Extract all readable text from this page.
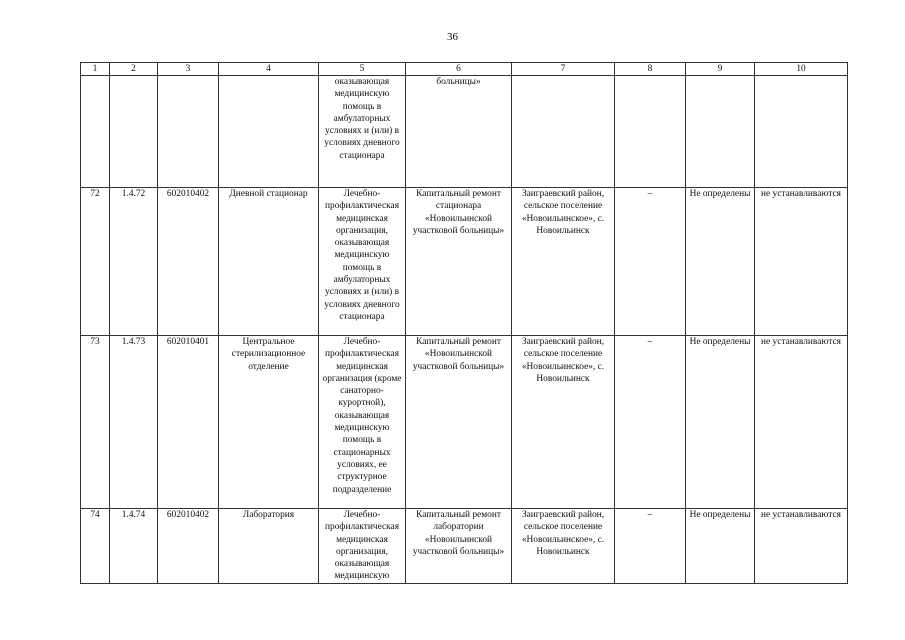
36
1	2	3	4	5	6	7	8	9	10
				оказывающая медицинскую помощь в амбулаторных условиях и (или) в условиях дневного стационара	больницы»				
72	1.4.72	602010402	Дневной стационар	Лечебно-профилактическая медицинская организация, оказывающая медицинскую помощь в амбулаторных условиях и (или) в условиях дневного стационара	Капитальный ремонт стационара «Новоильинской участковой больницы»	Заиграевский район, сельское поселение «Новоильинское», с. Новоильинск	–	Не определены	не устанавливаются
73	1.4.73	602010401	Центральное стерилизационное отделение	Лечебно-профилактическая медицинская организация (кроме санаторно-курортной), оказывающая медицинскую помощь в стационарных условиях, ее структурное подразделение	Капитальный ремонт «Новоильинской участковой больницы»	Заиграевский район, сельское поселение «Новоильинское», с. Новоильинск	–	Не определены	не устанавливаются
74	1.4.74	602010402	Лаборатория	Лечебно-профилактическая медицинская организация, оказывающая медицинскую	Капитальный ремонт лаборатории «Новоильинской участковой больницы»	Заиграевский район, сельское поселение «Новоильинское», с. Новоильинск	–	Не определены	не устанавливаются
